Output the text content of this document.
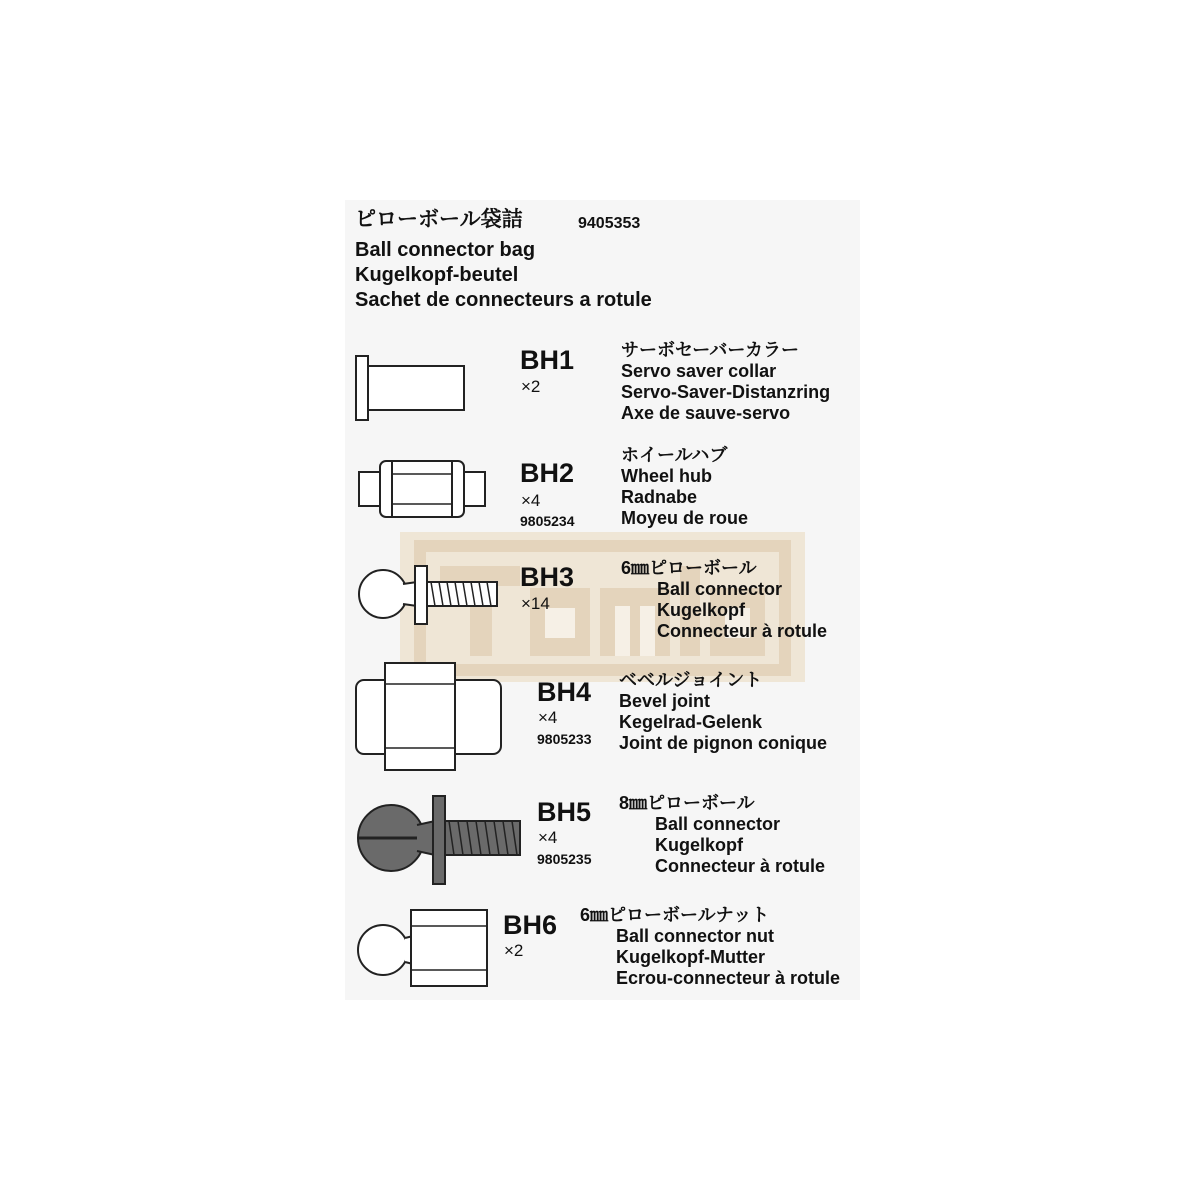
ピローボール袋詰	9405353
Ball connector bag
Kugelkopf-beutel
Sachet de connecteurs a rotule
BH1
×2
サーボセーバーカラー
Servo saver collar
Servo-Saver-Distanzring
Axe de sauve-servo
BH2
×4
9805234
ホイールハブ
Wheel hub
Radnabe
Moyeu de roue
BH3
×14
6㎜ピローボール
Ball connector
Kugelkopf
Connecteur à rotule
BH4
×4
9805233
ベベルジョイント
Bevel joint
Kegelrad-Gelenk
Joint de pignon conique
BH5
×4
9805235
8㎜ピローボール
Ball connector
Kugelkopf
Connecteur à rotule
BH6
×2
6㎜ピローボールナット
Ball connector nut
Kugelkopf-Mutter
Ecrou-connecteur à rotule
